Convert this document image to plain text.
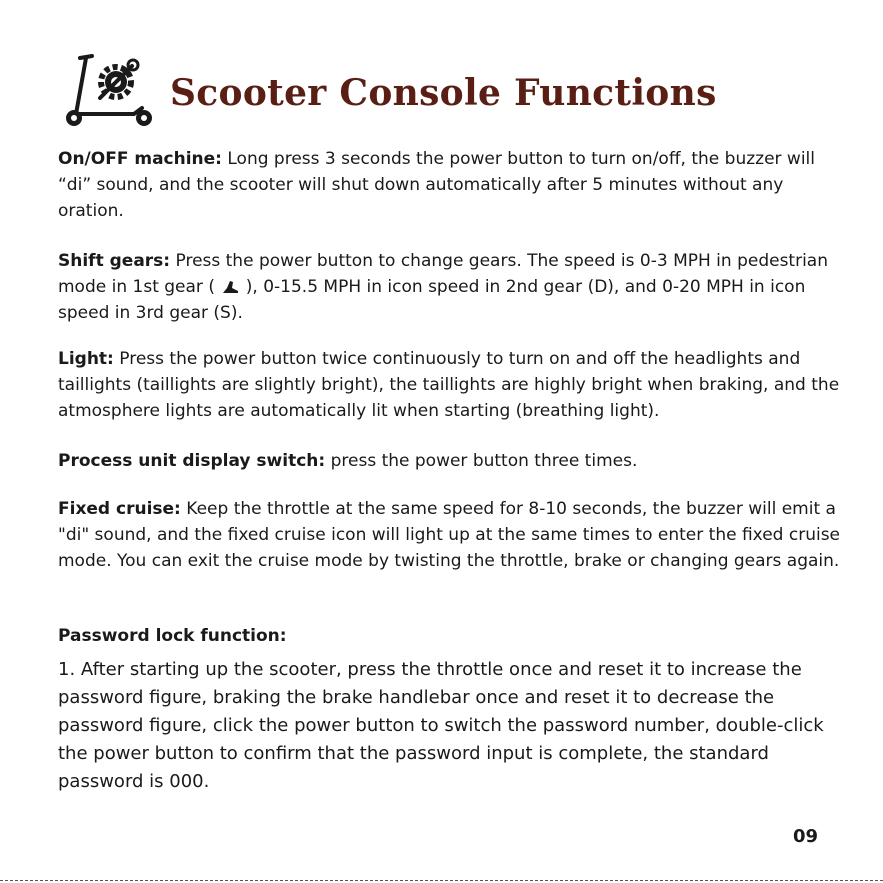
Scooter Console Functions
On/OFF machine: Long press 3 seconds the power button to turn on/off, the buzzer will “di” sound, and the scooter will shut down automatically after 5 minutes without any oration.
Shift gears: Press the power button to change gears. The speed is 0-3 MPH in pedestrian mode in 1st gear (  ), 0-15.5 MPH in icon speed in 2nd gear (D), and 0-20 MPH in icon speed in 3rd gear (S).
Light: Press the power button twice continuously to turn on and off the headlights and taillights (taillights are slightly bright), the taillights are highly bright when braking, and the atmosphere lights are automatically lit when starting (breathing light).
Process unit display switch: press the power button three times.
Fixed cruise: Keep the throttle at the same speed for 8-10 seconds, the buzzer will emit a "di" sound, and the fixed cruise icon will light up at the same times to enter the fixed cruise mode. You can exit the cruise mode by twisting the throttle, brake or changing gears again.
Password lock function:
1. After starting up the scooter, press the throttle once and reset it to increase the password figure, braking the brake handlebar once and reset it to decrease the password figure, click the power button to switch the password number, double-click the power button to confirm that the password input is complete, the standard password is 000.
09
